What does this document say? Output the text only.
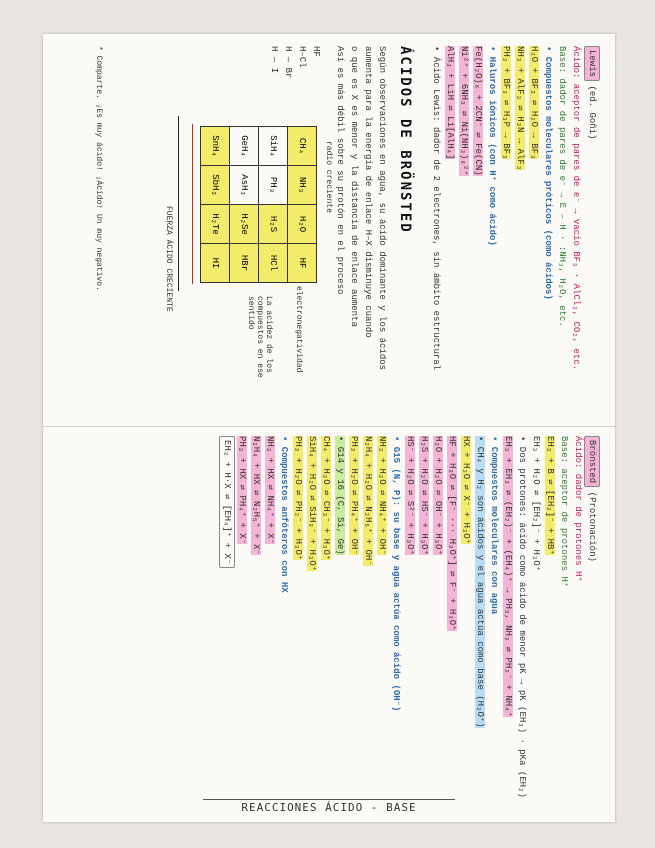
Lewis (ed. Goñi)
Ácido: aceptor de pares de e⁻ → vacío BF₃ · AlCl₃, CO₂, etc.
Base: dador de pares de e⁻ → E – H · :NH₃, H₂O, etc.
• Compuestos moleculares próticos (como ácidos)
H₂O + BF₃ ⇌ H₂O → BF₃
NH₃ + AlF₃ ⇌ H₃N → AlF₃
PH₃ + BF₃ ⇌ H₃P → BF₃
• Haluros iónicos (con H⁺ como ácido)
Fe(H₂O)₆ + 2CN⁻ ⇌ Fe(CN)
Ni²⁺ + 6NH₃ ⇌ Ni(NH₃)₆²⁺
AlH₃ + LiH ⇌ Li[AlH₄]
• Ácido Lewis: dador de 2 electrones, sin ámbito estructural
ÁCIDOS DE BRÖNSTED
Según observaciones en agua, su ácido dominante y los ácidos
aumenta para la energía de enlace H–X disminuye cuando
o que es X es menor y la distancia de enlace aumenta
Así es más débil sobre su protón en el proceso
HF
H–Cl
H — Br
H — I
radio creciente
CH₄	NH₃	H₂O	HF
SiH₄	PH₃	H₂S	HCl
GeH₄	AsH₃	H₂Se	HBr
SnH₄	SbH₃	H₂Te	HI
electronegatividad
FUERZA ÁCIDO CRECIENTE
La acidez de los compuestos en ese sentido
* Comparte. ¡Es muy ácido! ¡Ácido! Un muy negativo.
Brönsted (Protonación)
Ácido: dador de protones H⁺
Base: aceptor de protones H⁺
EH₃ + B ⇌ [EH₂]⁻ + HB⁺
EH₃ + H₂O ⇌ [EH₂]⁻ + H₃O⁺
• Dos protones: ácido como ácido de menor pK → pK (EH₃) · pKa (EH₂)
EH₃ + EH₃ ⇌ (EH₂)⁻ + (EH₄)⁺ → PH₃, NH₃ ⇌ PH₂⁻ + NH₄⁺
• Compuestos moleculares con agua
• CH₄ y H₂ son ácidos y el agua actúa como base (H₃O⁺)
HX + H₂O ⇌ X⁻ + H₃O⁺
HF + H₂O ⇌ [F⁻ ··· H₃O⁺] ⇌ F⁻ + H₃O⁺
H₂O + H₂O ⇌ OH⁻ + H₃O⁺
H₂S + H₂O ⇌ HS⁻ + H₃O⁺
HS⁻ + H₂O ⇌ S²⁻ + H₃O⁺
• G15 (N, P): su base y agua actúa como ácido (OH⁻)
NH₃ + H₂O ⇌ NH₄⁺ + OH⁻
N₂H₄ + H₂O ⇌ N₂H₅⁺ + OH⁻
PH₃ + H₂O ⇌ PH₄⁺ + OH⁻
• G14 y 16 (C, Si, Ge)
CH₄ + H₂O ⇌ CH₃⁻ + H₃O⁺
SiH₄ + H₂O ⇌ SiH₃⁻ + H₃O⁺
PH₃ + H₂O ⇌ PH₂⁻ + H₃O⁺
• Compuestos anfóteros con HX
NH₃ + HX ⇌ NH₄⁺ + X⁻
N₂H₄ + HX ⇌ N₂H₅⁺ + X⁻
PH₃ + HX ⇌ PH₄⁺ + X⁻
EH₃ + H·X ⇌ [EH₄]⁺ + X⁻
REACCIONES ÁCIDO - BASE
